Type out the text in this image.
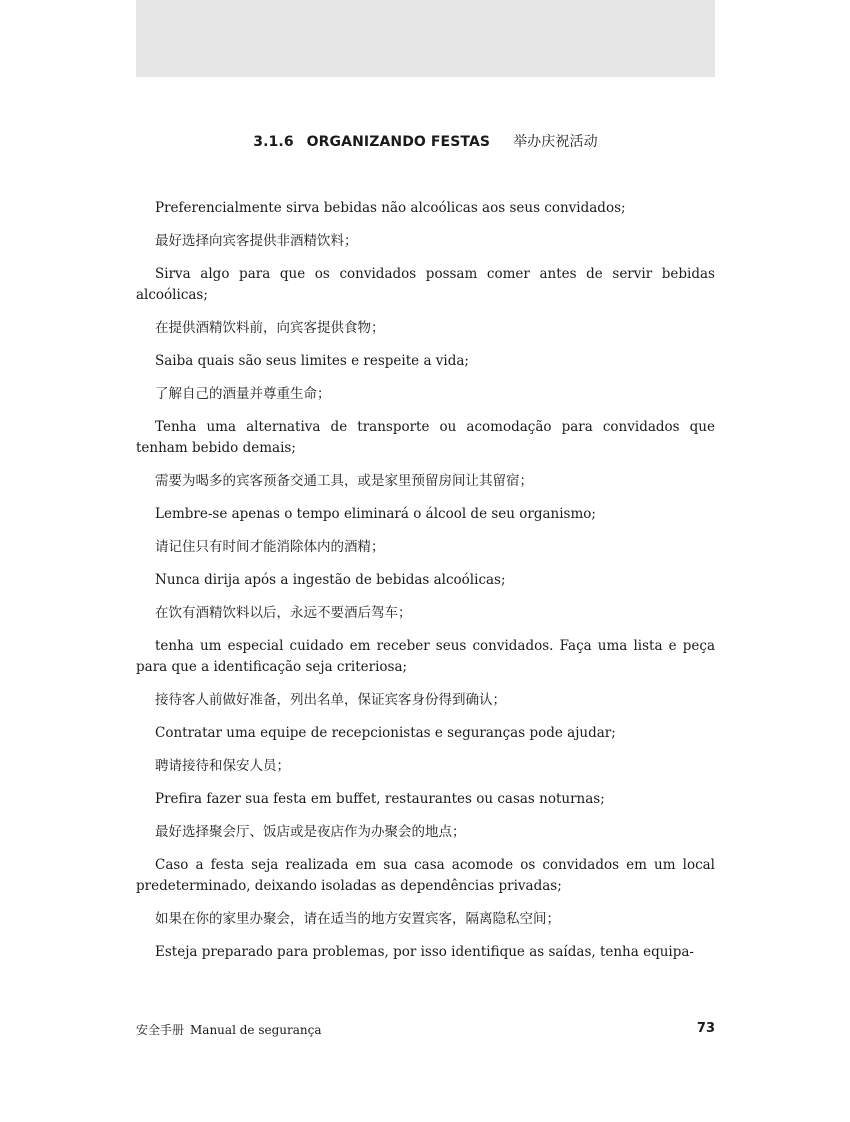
3.1.6 ORGANIZANDO FESTAS 举办庆祝活动

Preferencialmente sirva bebidas não alcoólicas aos seus convidados;

最好选择向宾客提供非酒精饮料；

Sirva algo para que os convidados possam comer antes de servir bebidas alcoólicas;

在提供酒精饮料前，向宾客提供食物；

Saiba quais são seus limites e respeite a vida;

了解自己的酒量并尊重生命；

Tenha uma alternativa de transporte ou acomodação para convidados que tenham bebido demais;

需要为喝多的宾客预备交通工具，或是家里预留房间让其留宿；

Lembre-se apenas o tempo eliminará o álcool de seu organismo;

请记住只有时间才能消除体内的酒精；

Nunca dirija após a ingestão de bebidas alcoólicas;

在饮有酒精饮料以后，永远不要酒后驾车；

tenha um especial cuidado em receber seus convidados. Faça uma lista e peça para que a identificação seja criteriosa;

接待客人前做好准备，列出名单，保证宾客身份得到确认；

Contratar uma equipe de recepcionistas e seguranças pode ajudar;

聘请接待和保安人员；

Prefira fazer sua festa em buffet, restaurantes ou casas noturnas;

最好选择聚会厅、饭店或是夜店作为办聚会的地点；

Caso a festa seja realizada em sua casa acomode os convidados em um local predeterminado, deixando isoladas as dependências privadas;

如果在你的家里办聚会，请在适当的地方安置宾客，隔离隐私空间；

Esteja preparado para problemas, por isso identifique as saídas, tenha equipa-

安全手册 Manual de segurança	73
